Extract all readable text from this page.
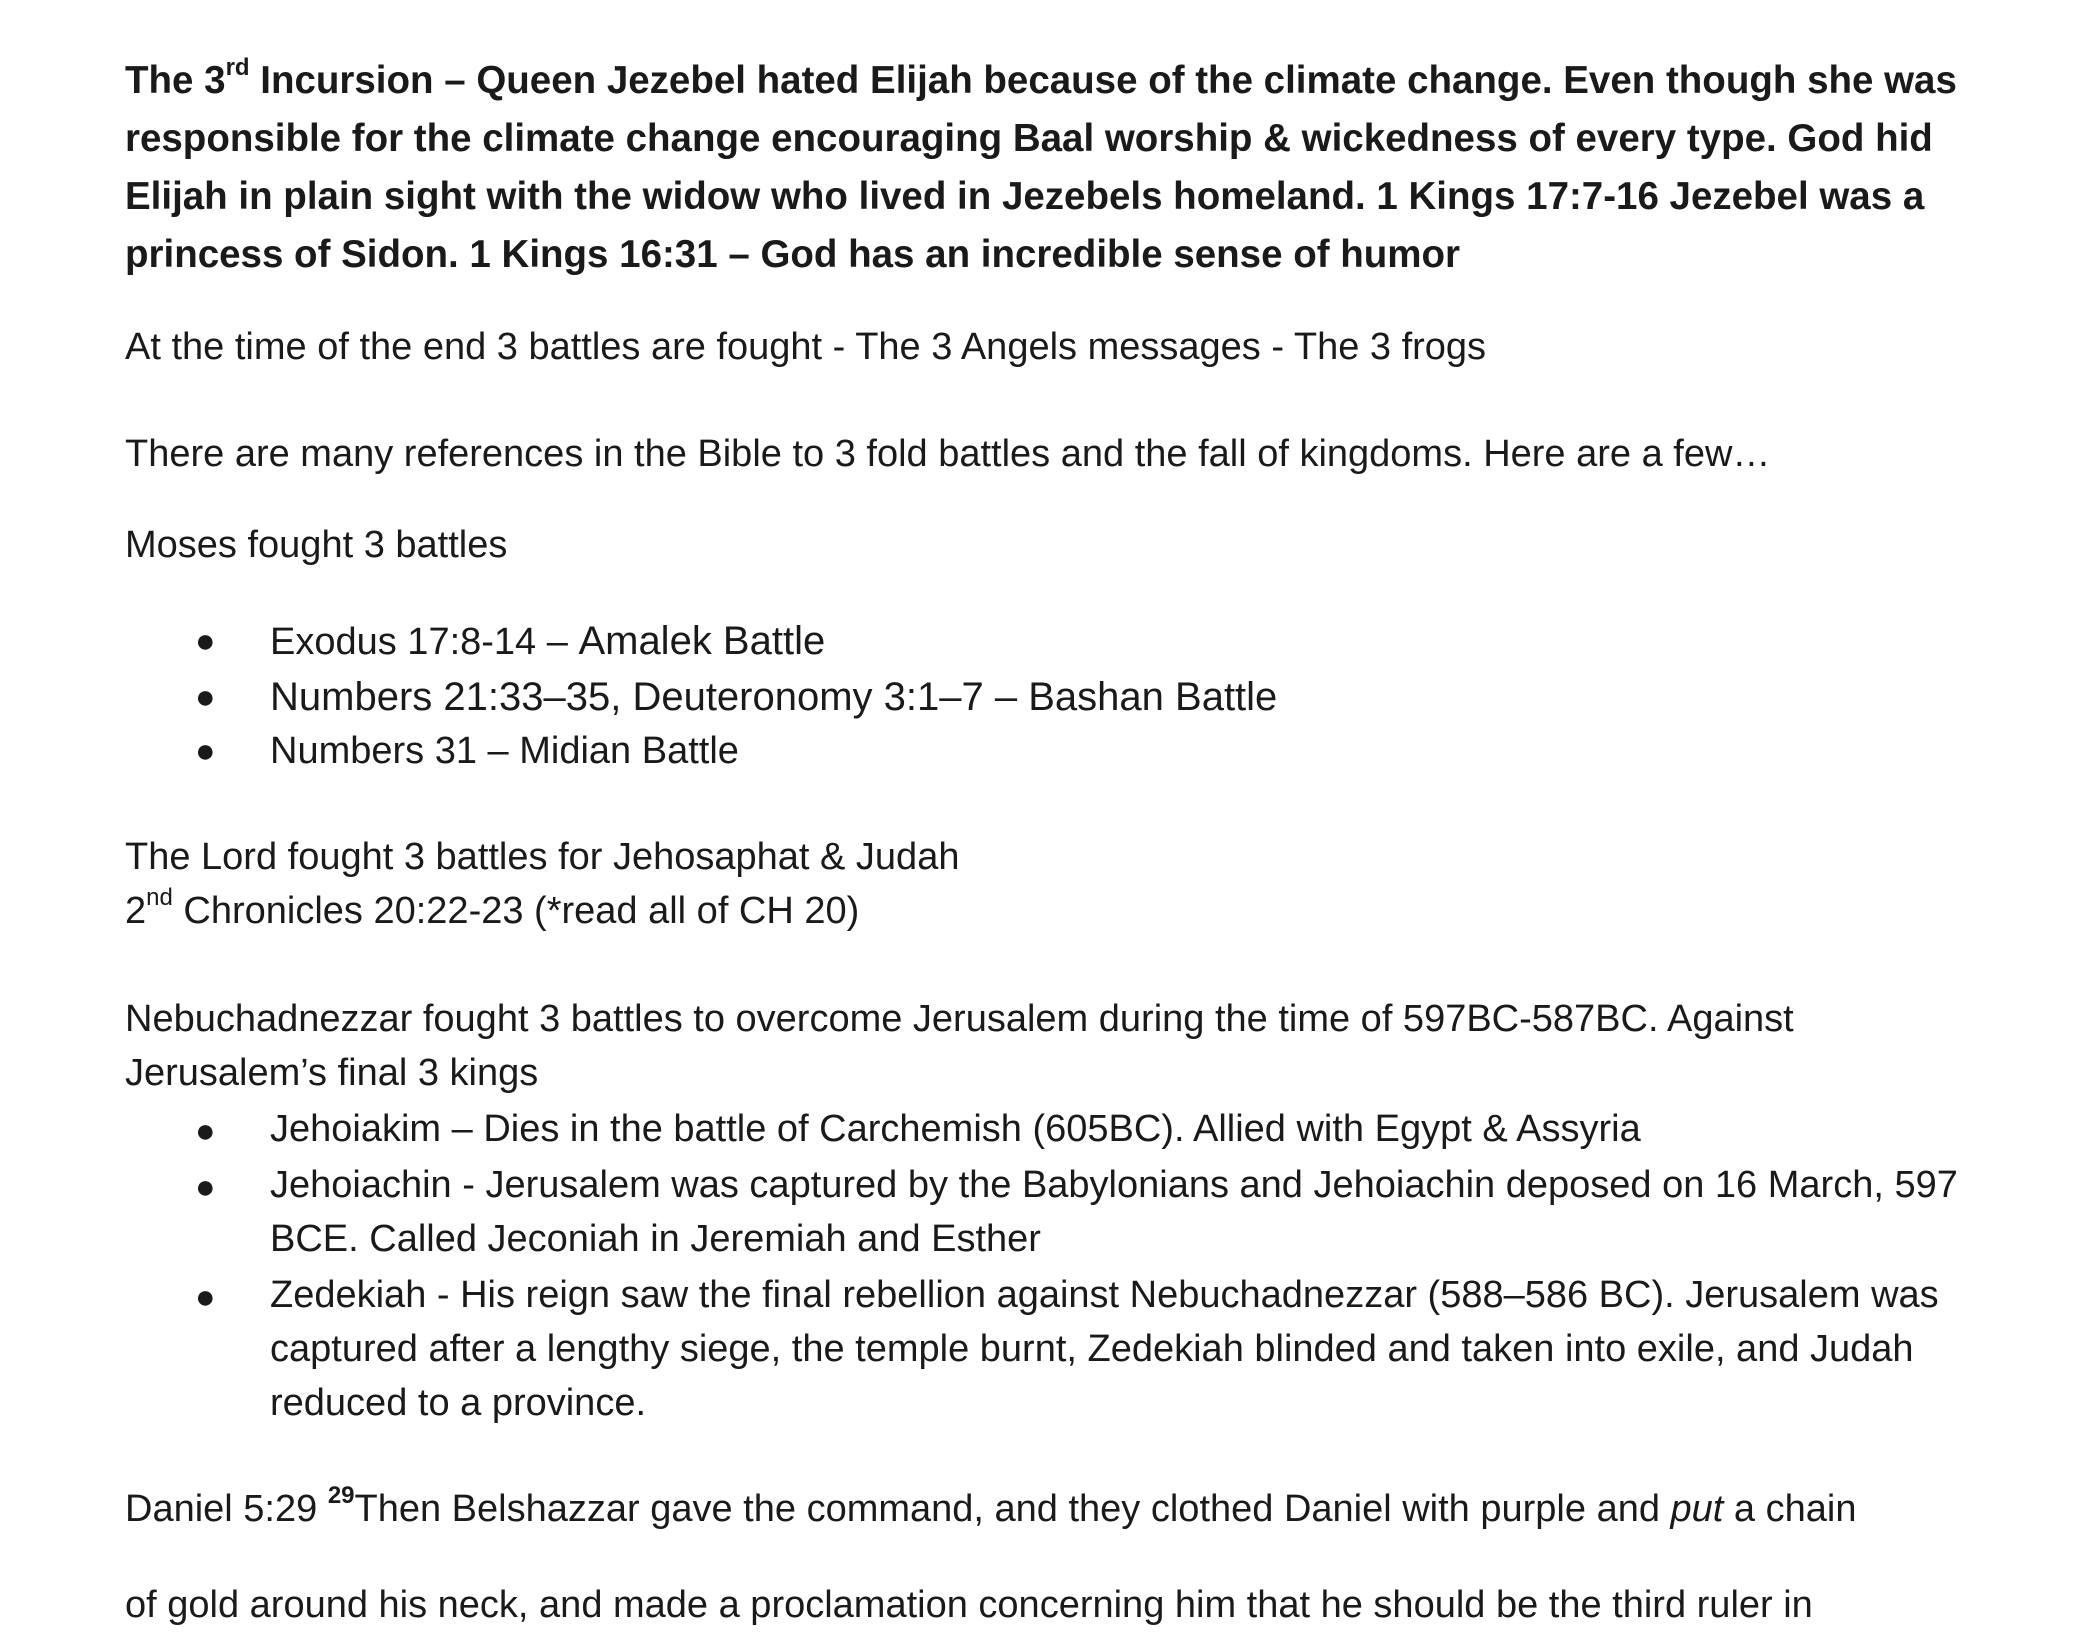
The 3rd Incursion – Queen Jezebel hated Elijah because of the climate change. Even though she was responsible for the climate change encouraging Baal worship & wickedness of every type. God hid Elijah in plain sight with the widow who lived in Jezebels homeland. 1 Kings 17:7-16 Jezebel was a princess of Sidon. 1 Kings 16:31 – God has an incredible sense of humor

At the time of the end 3 battles are fought - The 3 Angels messages - The 3 frogs

There are many references in the Bible to 3 fold battles and the fall of kingdoms. Here are a few…

Moses fought 3 battles

● Exodus 17:8-14 – Amalek Battle
● Numbers 21:33–35, Deuteronomy 3:1–7 – Bashan Battle
● Numbers 31 – Midian Battle

The Lord fought 3 battles for Jehosaphat & Judah

2nd Chronicles 20:22-23 (*read all of CH 20)

Nebuchadnezzar fought 3 battles to overcome Jerusalem during the time of 597BC-587BC. Against

Jerusalem’s final 3 kings

● Jehoiakim – Dies in the battle of Carchemish (605BC). Allied with Egypt & Assyria
● Jehoiachin - Jerusalem was captured by the Babylonians and Jehoiachin deposed on 16 March, 597 BCE. Called Jeconiah in Jeremiah and Esther
● Zedekiah - His reign saw the final rebellion against Nebuchadnezzar (588–586 BC). Jerusalem was captured after a lengthy siege, the temple burnt, Zedekiah blinded and taken into exile, and Judah reduced to a province.

Daniel 5:29 $^{29}$Then Belshazzar gave the command, and they clothed Daniel with purple and put a chain

of gold around his neck, and made a proclamation concerning him that he should be the third ruler in
